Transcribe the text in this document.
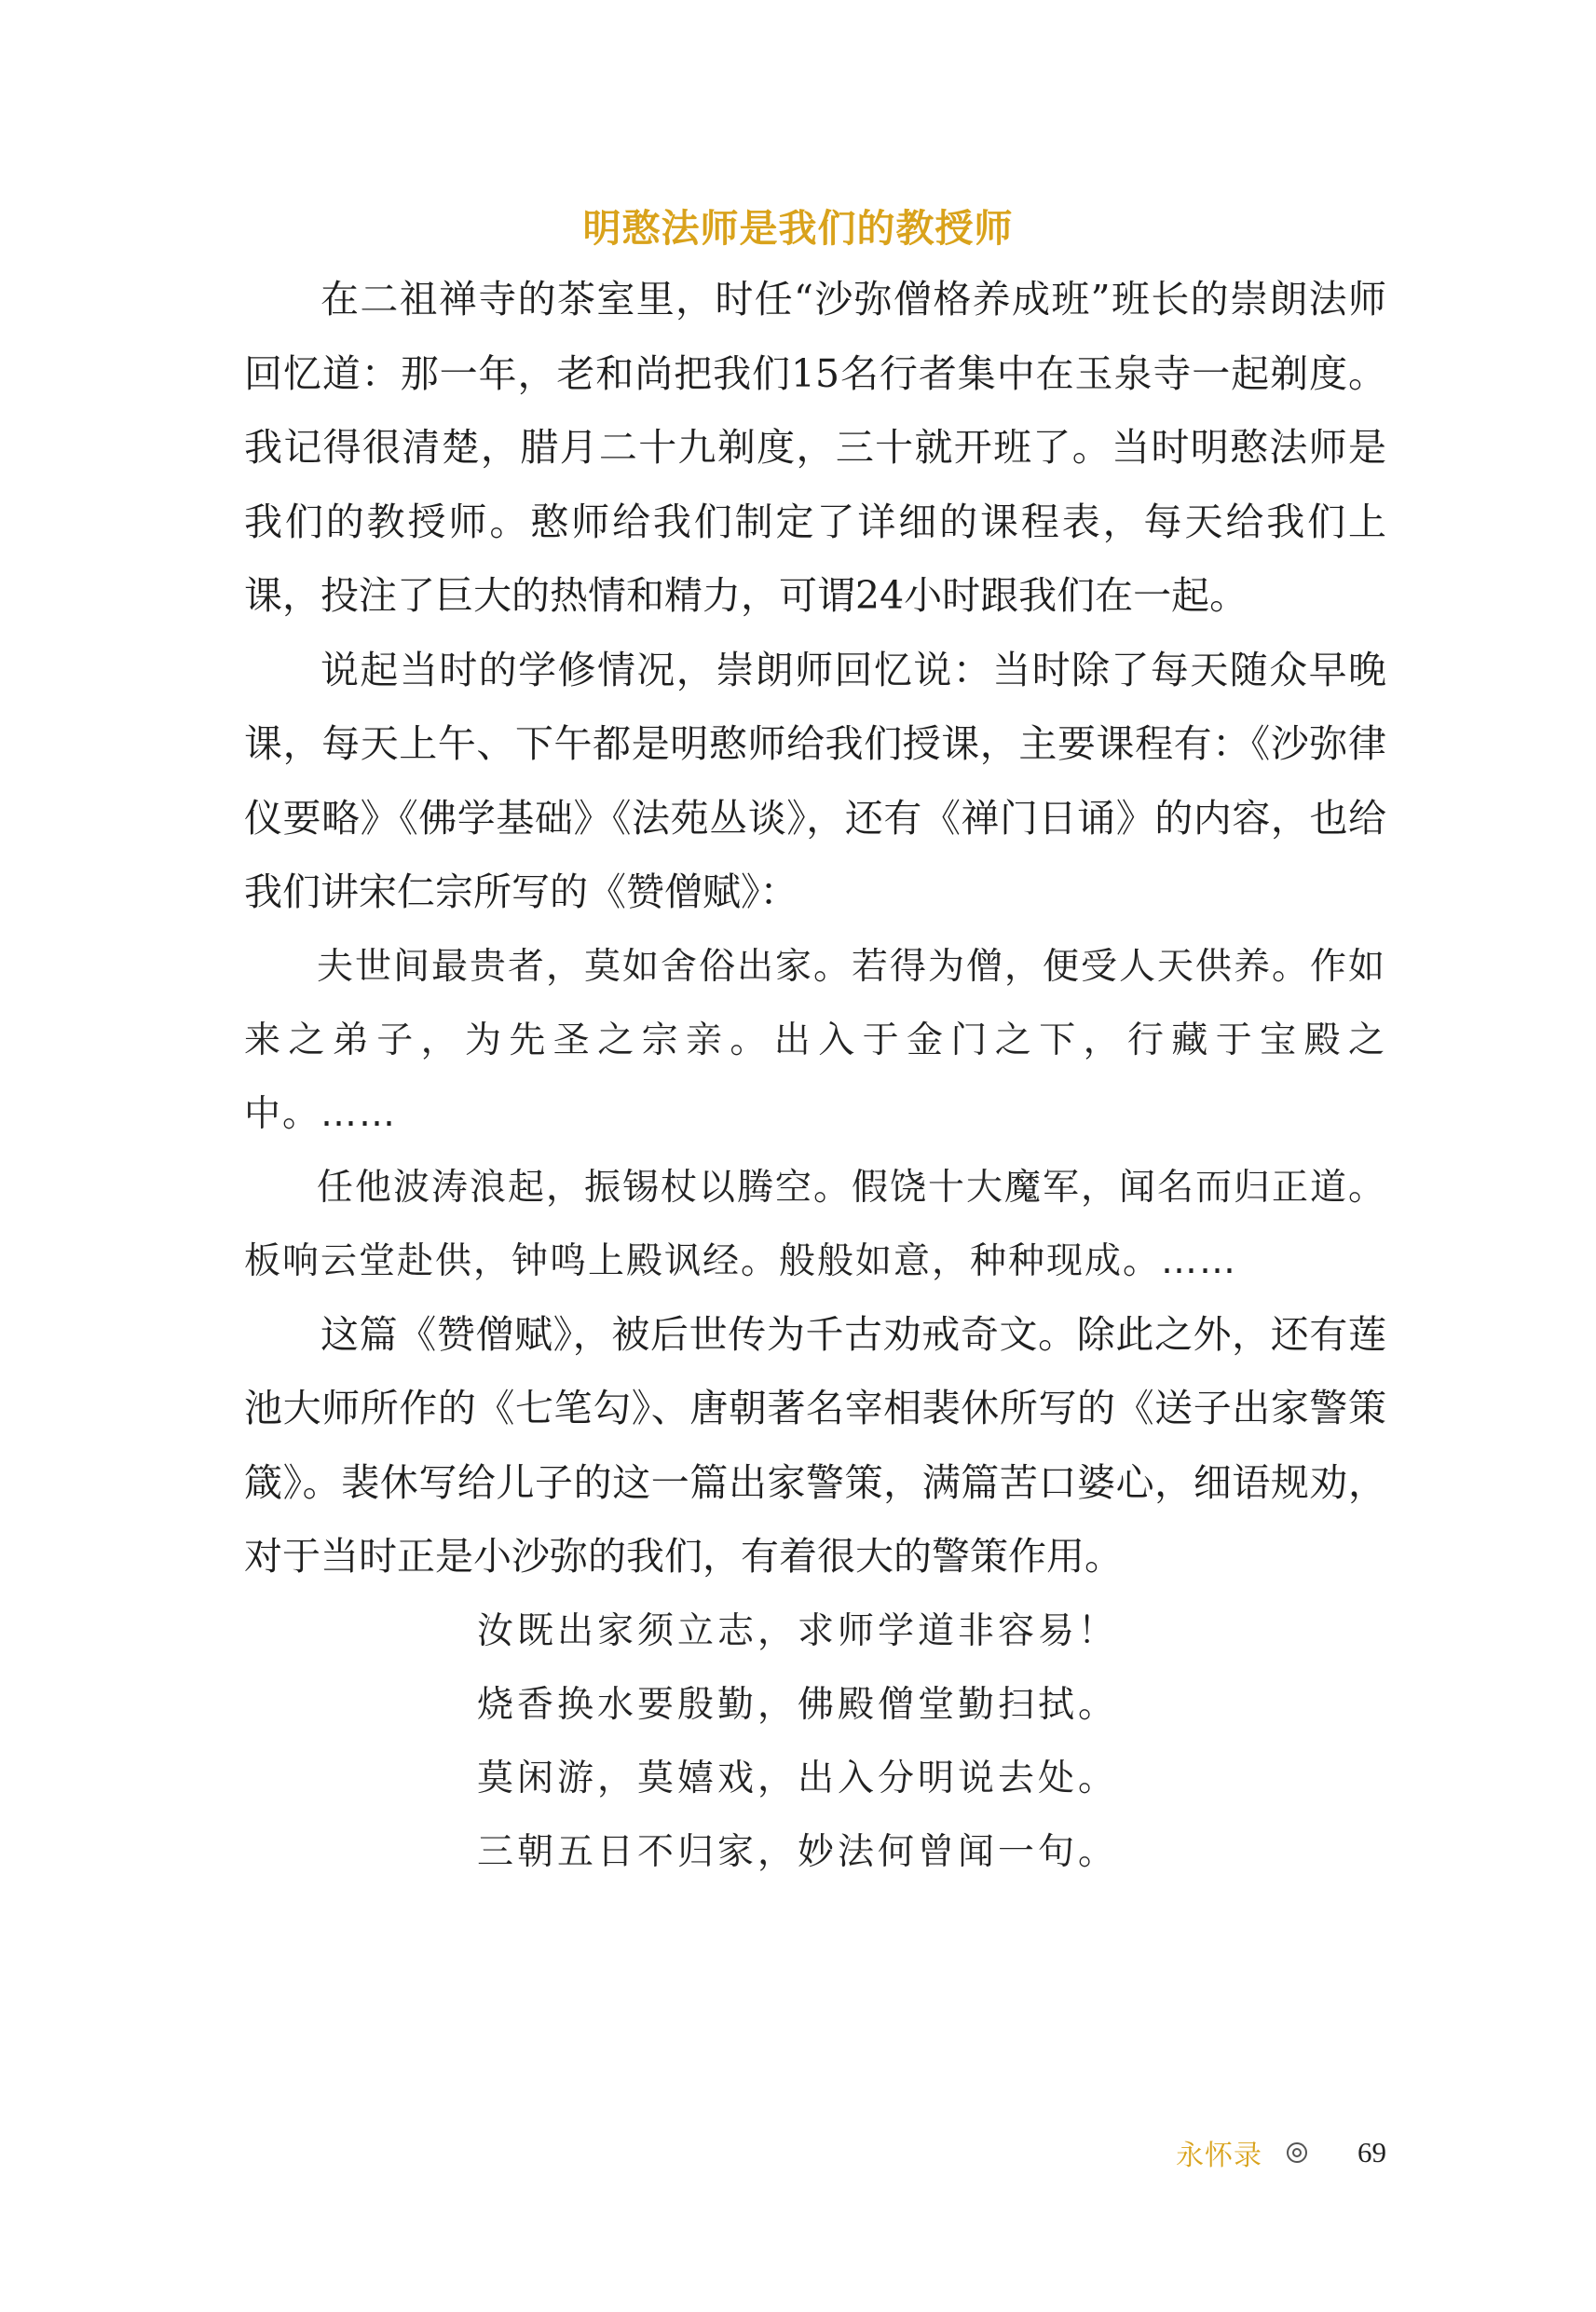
明憨法师是我们的教授师

在二祖禅寺的茶室里，时任“沙弥僧格养成班”班长的崇朗法师回忆道：那一年，老和尚把我们15名行者集中在玉泉寺一起剃度。我记得很清楚，腊月二十九剃度，三十就开班了。当时明憨法师是我们的教授师。憨师给我们制定了详细的课程表，每天给我们上课，投注了巨大的热情和精力，可谓24小时跟我们在一起。

说起当时的学修情况，崇朗师回忆说：当时除了每天随众早晚课，每天上午、下午都是明憨师给我们授课，主要课程有：《沙弥律仪要略》《佛学基础》《法苑丛谈》，还有《禅门日诵》的内容，也给我们讲宋仁宗所写的《赞僧赋》：

夫世间最贵者，莫如舍俗出家。若得为僧，便受人天供养。作如来之弟子，为先圣之宗亲。出入于金门之下，行藏于宝殿之中。……

任他波涛浪起，振锡杖以腾空。假饶十大魔军，闻名而归正道。板响云堂赴供，钟鸣上殿讽经。般般如意，种种现成。……

这篇《赞僧赋》，被后世传为千古劝戒奇文。除此之外，还有莲池大师所作的《七笔勾》、唐朝著名宰相裴休所写的《送子出家警策箴》。裴休写给儿子的这一篇出家警策，满篇苦口婆心，细语规劝，对于当时正是小沙弥的我们，有着很大的警策作用。

汝既出家须立志，求师学道非容易！
烧香换水要殷勤，佛殿僧堂勤扫拭。
莫闲游，莫嬉戏，出入分明说去处。
三朝五日不归家，妙法何曾闻一句。
永怀录	69
